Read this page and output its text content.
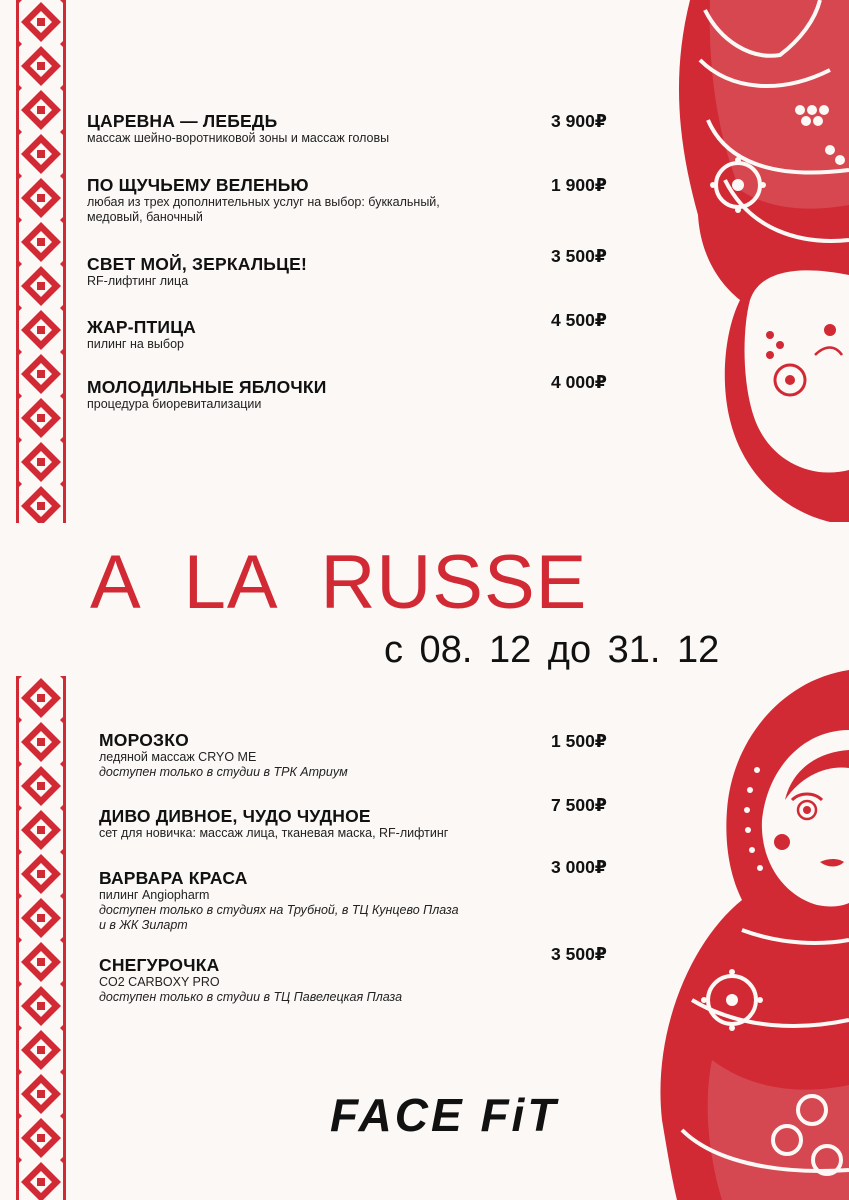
ЦАРЕВНА — ЛЕБЕДЬ
массаж шейно-воротниковой зоны и массаж головы
3 900₽
ПО ЩУЧЬЕМУ ВЕЛЕНЬЮ
любая из трех дополнительных услуг на выбор: буккальный,
медовый, баночный
1 900₽
СВЕТ МОЙ, ЗЕРКАЛЬЦЕ!
RF-лифтинг лица
3 500₽
ЖАР-ПТИЦА
пилинг на выбор
4 500₽
МОЛОДИЛЬНЫЕ ЯБЛОЧКИ
процедура биоревитализации
4 000₽
A LA RUSSE
с 08. 12 до 31. 12
МОРОЗКО
ледяной массаж CRYO ME
доступен только в студии в ТРК Атриум
1 500₽
ДИВО ДИВНОЕ, ЧУДО ЧУДНОЕ
сет для новичка: массаж лица, тканевая маска, RF-лифтинг
7 500₽
ВАРВАРА КРАСА
пилинг Angiopharm
доступен только в студиях на Трубной, в ТЦ Кунцево Плаза
и в ЖК Зиларт
3 000₽
СНЕГУРОЧКА
CO2 CARBOXY PRO
доступен только в студии в ТЦ Павелецкая Плаза
3 500₽
FACE FiT
